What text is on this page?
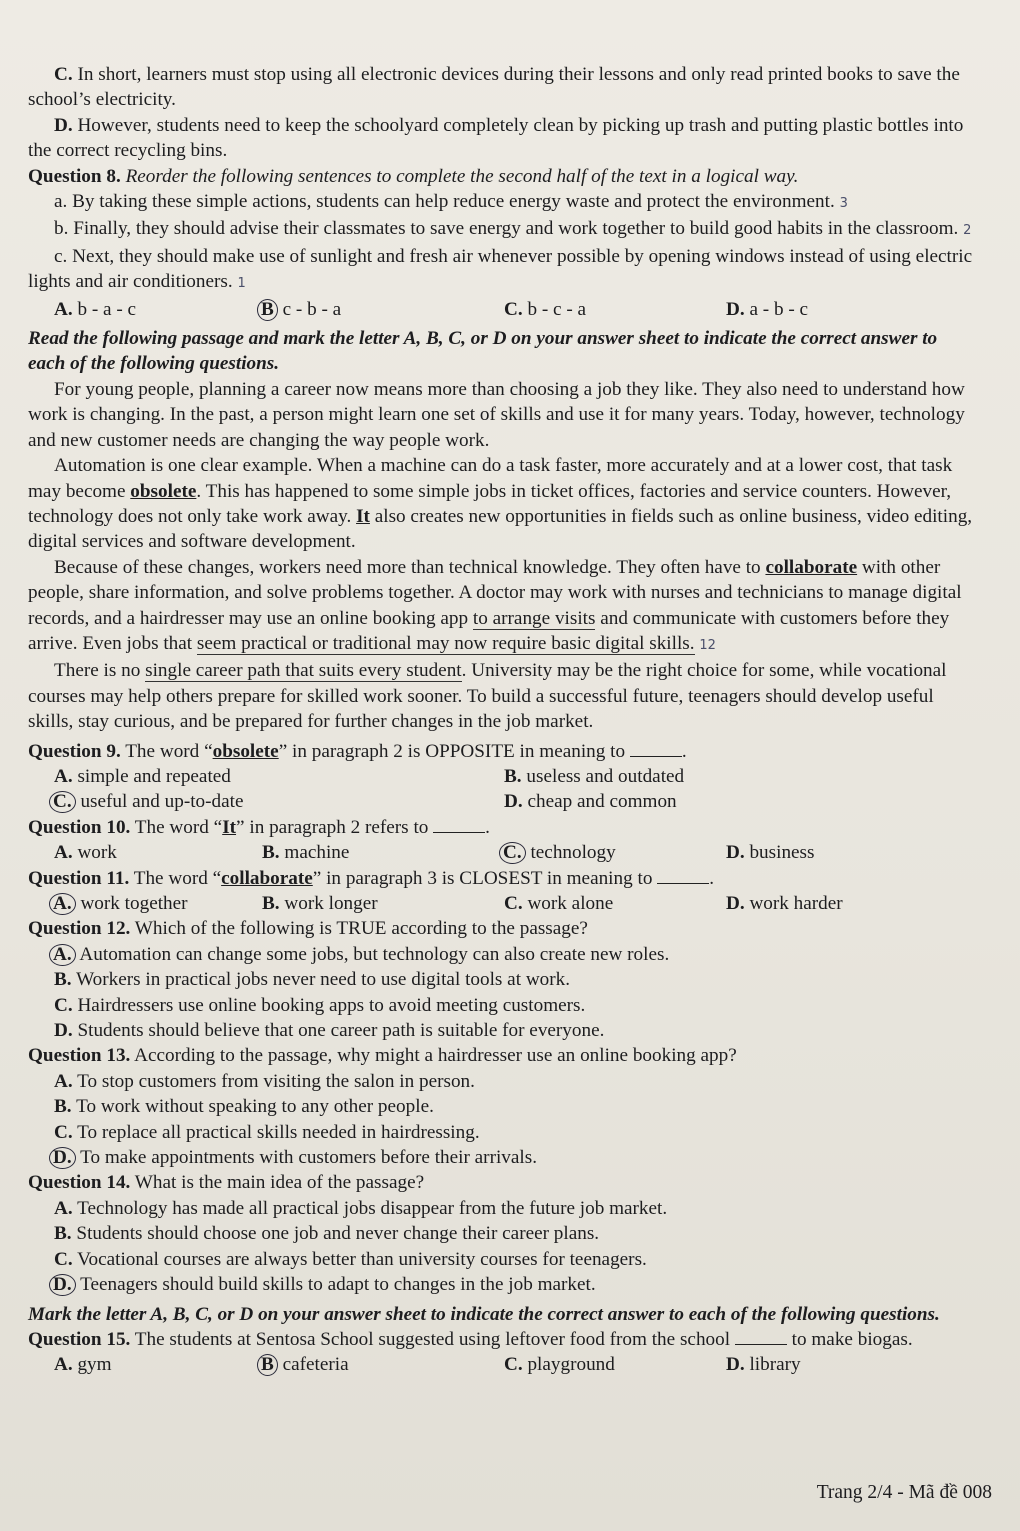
C. In short, learners must stop using all electronic devices during their lessons and only read printed books to save the school’s electricity.

D. However, students need to keep the schoolyard completely clean by picking up trash and putting plastic bottles into the correct recycling bins.

Question 8. Reorder the following sentences to complete the second half of the text in a logical way.

a. By taking these simple actions, students can help reduce energy waste and protect the environment. 3

b. Finally, they should advise their classmates to save energy and work together to build good habits in the classroom. 2

c. Next, they should make use of sunlight and fresh air whenever possible by opening windows instead of using electric lights and air conditioners. 1

A. b - a - c	B c - b - a	C. b - c - a	D. a - b - c

Read the following passage and mark the letter A, B, C, or D on your answer sheet to indicate the correct answer to each of the following questions.

For young people, planning a career now means more than choosing a job they like. They also need to understand how work is changing. In the past, a person might learn one set of skills and use it for many years. Today, however, technology and new customer needs are changing the way people work.

Automation is one clear example. When a machine can do a task faster, more accurately and at a lower cost, that task may become obsolete. This has happened to some simple jobs in ticket offices, factories and service counters. However, technology does not only take work away. It also creates new opportunities in fields such as online business, video editing, digital services and software development.

Because of these changes, workers need more than technical knowledge. They often have to collaborate with other people, share information, and solve problems together. A doctor may work with nurses and technicians to manage digital records, and a hairdresser may use an online booking app to arrange visits and communicate with customers before they arrive. Even jobs that seem practical or traditional may now require basic digital skills. 12

There is no single career path that suits every student. University may be the right choice for some, while vocational courses may help others prepare for skilled work sooner. To build a successful future, teenagers should develop useful skills, stay curious, and be prepared for further changes in the job market.

Question 9. The word “obsolete” in paragraph 2 is OPPOSITE in meaning to	.

A. simple and repeated	B. useless and outdated
C. useful and up-to-date	D. cheap and common

Question 10. The word “It” in paragraph 2 refers to	.

A. work	B. machine	C. technology	D. business

Question 11. The word “collaborate” in paragraph 3 is CLOSEST in meaning to	.

A. work together	B. work longer	C. work alone	D. work harder

Question 12. Which of the following is TRUE according to the passage?

A. Automation can change some jobs, but technology can also create new roles.

B. Workers in practical jobs never need to use digital tools at work.

C. Hairdressers use online booking apps to avoid meeting customers.

D. Students should believe that one career path is suitable for everyone.

Question 13. According to the passage, why might a hairdresser use an online booking app?

A. To stop customers from visiting the salon in person.

B. To work without speaking to any other people.

C. To replace all practical skills needed in hairdressing.

D. To make appointments with customers before their arrivals.

Question 14. What is the main idea of the passage?

A. Technology has made all practical jobs disappear from the future job market.

B. Students should choose one job and never change their career plans.

C. Vocational courses are always better than university courses for teenagers.

D. Teenagers should build skills to adapt to changes in the job market.

Mark the letter A, B, C, or D on your answer sheet to indicate the correct answer to each of the following questions.

Question 15. The students at Sentosa School suggested using leftover food from the school	to make biogas.

A. gym	B cafeteria	C. playground	D. library
Trang 2/4 - Mã đề 008
